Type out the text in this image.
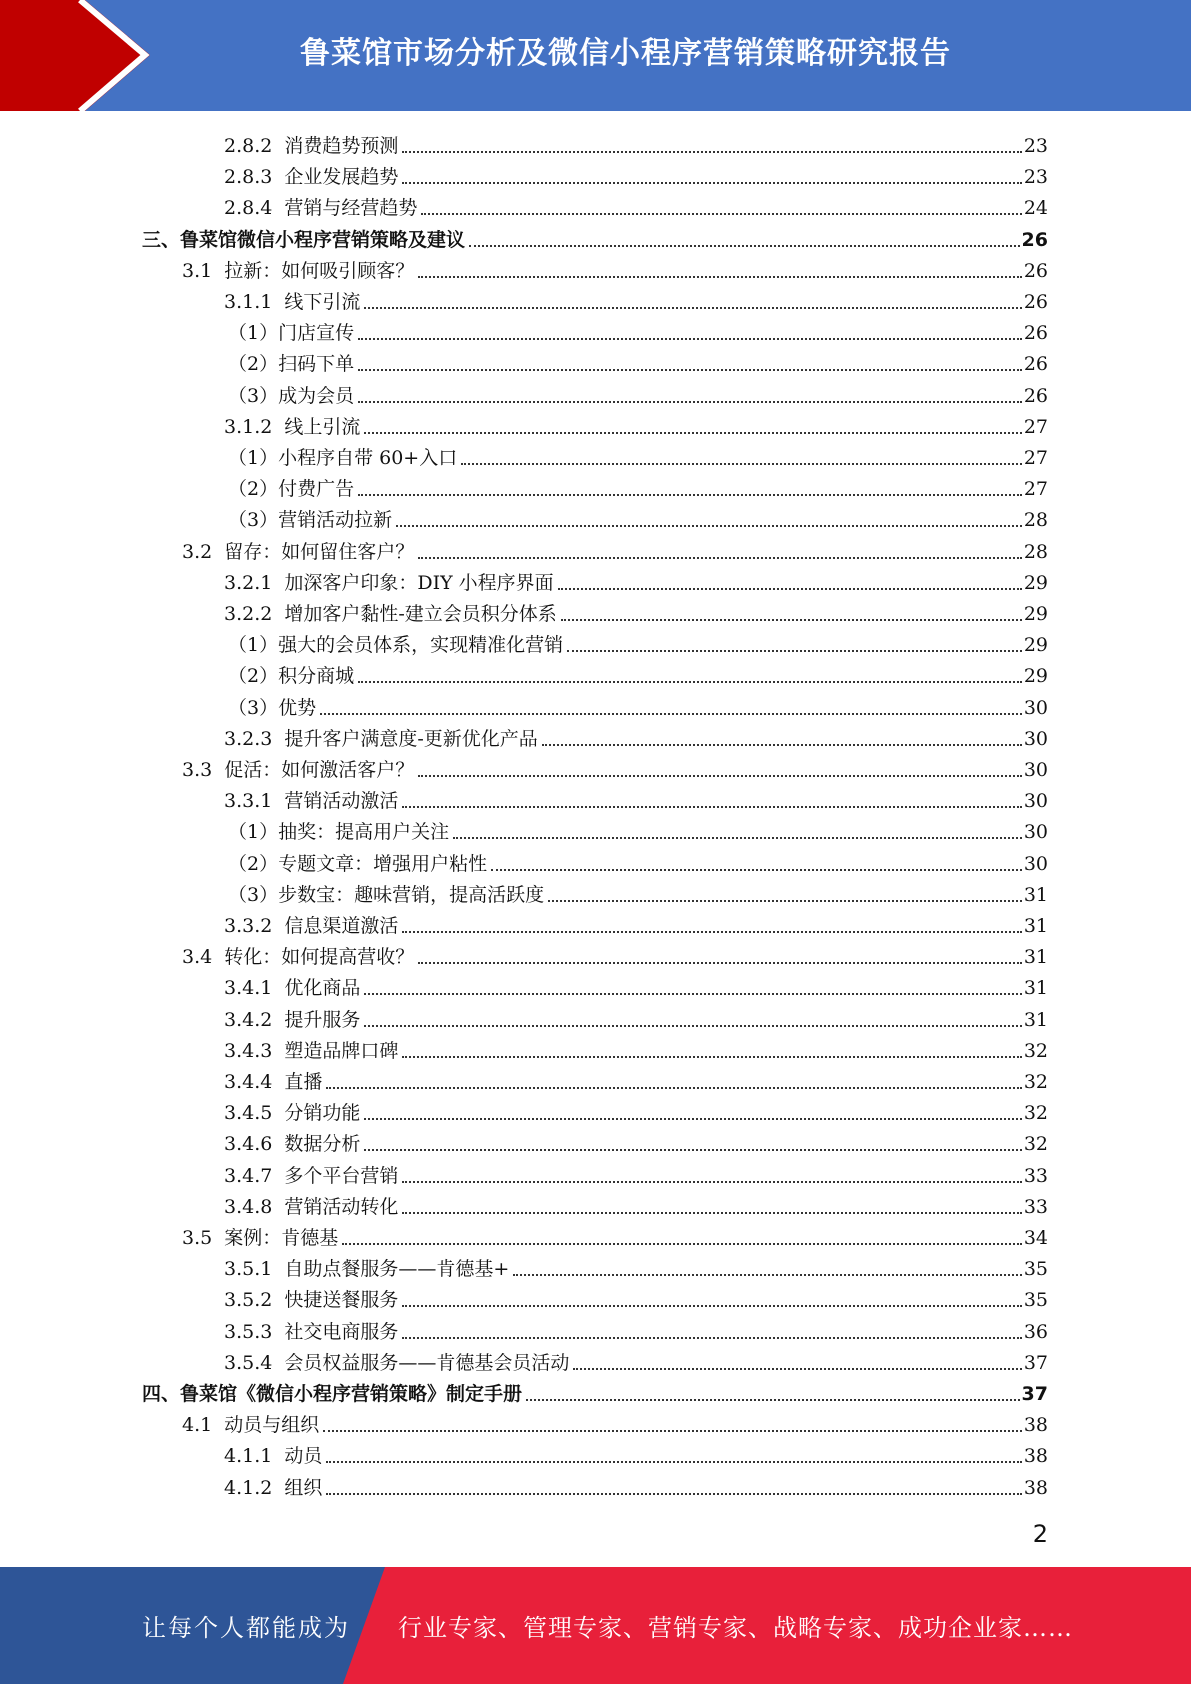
鲁菜馆市场分析及微信小程序营销策略研究报告
2.8.2 消费趋势预测	23
2.8.3 企业发展趋势	23
2.8.4 营销与经营趋势	24
三、鲁菜馆微信小程序营销策略及建议	26
3.1 拉新：如何吸引顾客？	26
3.1.1 线下引流	26
（1）门店宣传	26
（2）扫码下单	26
（3）成为会员	26
3.1.2 线上引流	27
（1）小程序自带 60+入口	27
（2）付费广告	27
（3）营销活动拉新	28
3.2 留存：如何留住客户？	28
3.2.1 加深客户印象：DIY 小程序界面	29
3.2.2 增加客户黏性-建立会员积分体系	29
（1）强大的会员体系，实现精准化营销	29
（2）积分商城	29
（3）优势	30
3.2.3 提升客户满意度-更新优化产品	30
3.3 促活：如何激活客户？	30
3.3.1 营销活动激活	30
（1）抽奖：提高用户关注	30
（2）专题文章：增强用户粘性	30
（3）步数宝：趣味营销，提高活跃度	31
3.3.2 信息渠道激活	31
3.4 转化：如何提高营收？	31
3.4.1 优化商品	31
3.4.2 提升服务	31
3.4.3 塑造品牌口碑	32
3.4.4 直播	32
3.4.5 分销功能	32
3.4.6 数据分析	32
3.4.7 多个平台营销	33
3.4.8 营销活动转化	33
3.5 案例：肯德基	34
3.5.1 自助点餐服务——肯德基+	35
3.5.2 快捷送餐服务	35
3.5.3 社交电商服务	36
3.5.4 会员权益服务——肯德基会员活动	37
四、鲁菜馆《微信小程序营销策略》制定手册	37
4.1 动员与组织	38
4.1.1 动员	38
4.1.2 组织	38
2
让每个人都能成为 行业专家、管理专家、营销专家、战略专家、成功企业家……
